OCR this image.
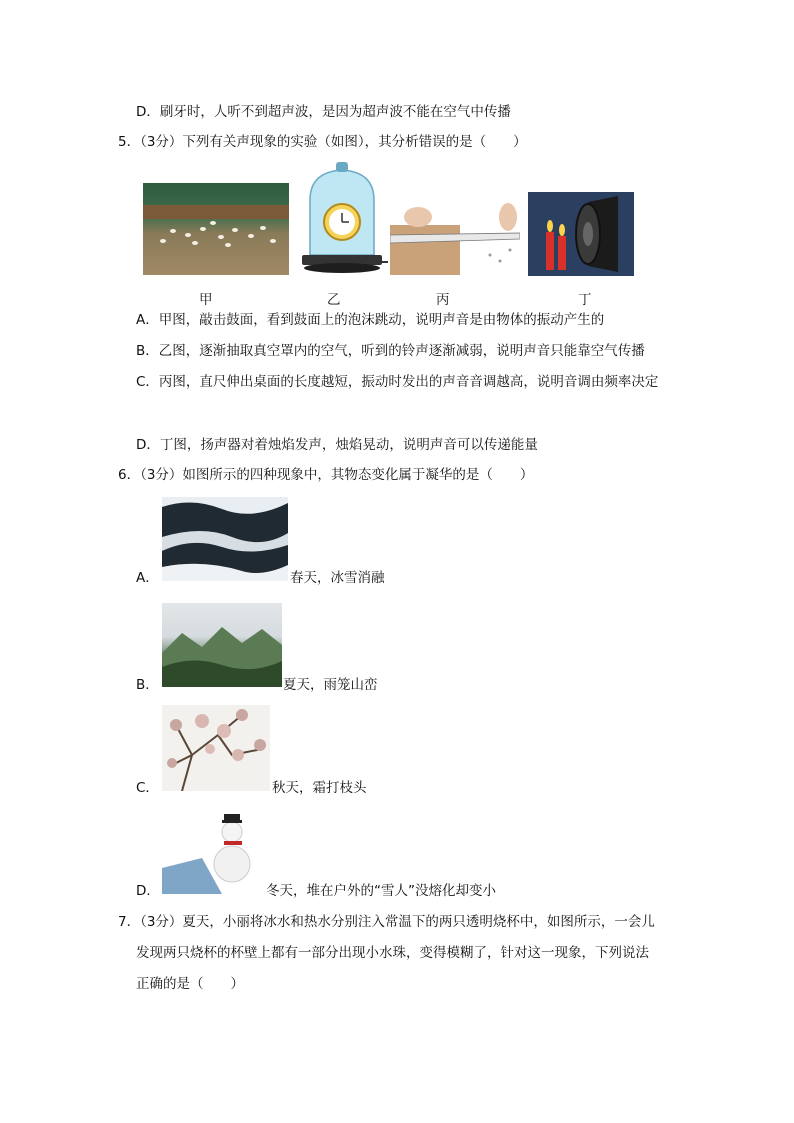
D．刷牙时，人听不到超声波，是因为超声波不能在空气中传播
5．（3分）下列有关声现象的实验（如图），其分析错误的是（　　）
甲	乙	丙	丁
A．甲图，敲击鼓面，看到鼓面上的泡沫跳动，说明声音是由物体的振动产生的
B．乙图，逐渐抽取真空罩内的空气，听到的铃声逐渐减弱，说明声音只能靠空气传播
C．丙图，直尺伸出桌面的长度越短，振动时发出的声音音调越高，说明音调由频率决定
D．丁图，扬声器对着烛焰发声，烛焰晃动，说明声音可以传递能量
6．（3分）如图所示的四种现象中，其物态变化属于凝华的是（　　）
A．	春天，冰雪消融
B．	夏天，雨笼山峦
C．	秋天，霜打枝头
D．	冬天，堆在户外的“雪人”没熔化却变小
7．（3分）夏天，小丽将冰水和热水分别注入常温下的两只透明烧杯中，如图所示，一会儿
发现两只烧杯的杯壁上都有一部分出现小水珠，变得模糊了，针对这一现象，下列说法
正确的是（　　）
